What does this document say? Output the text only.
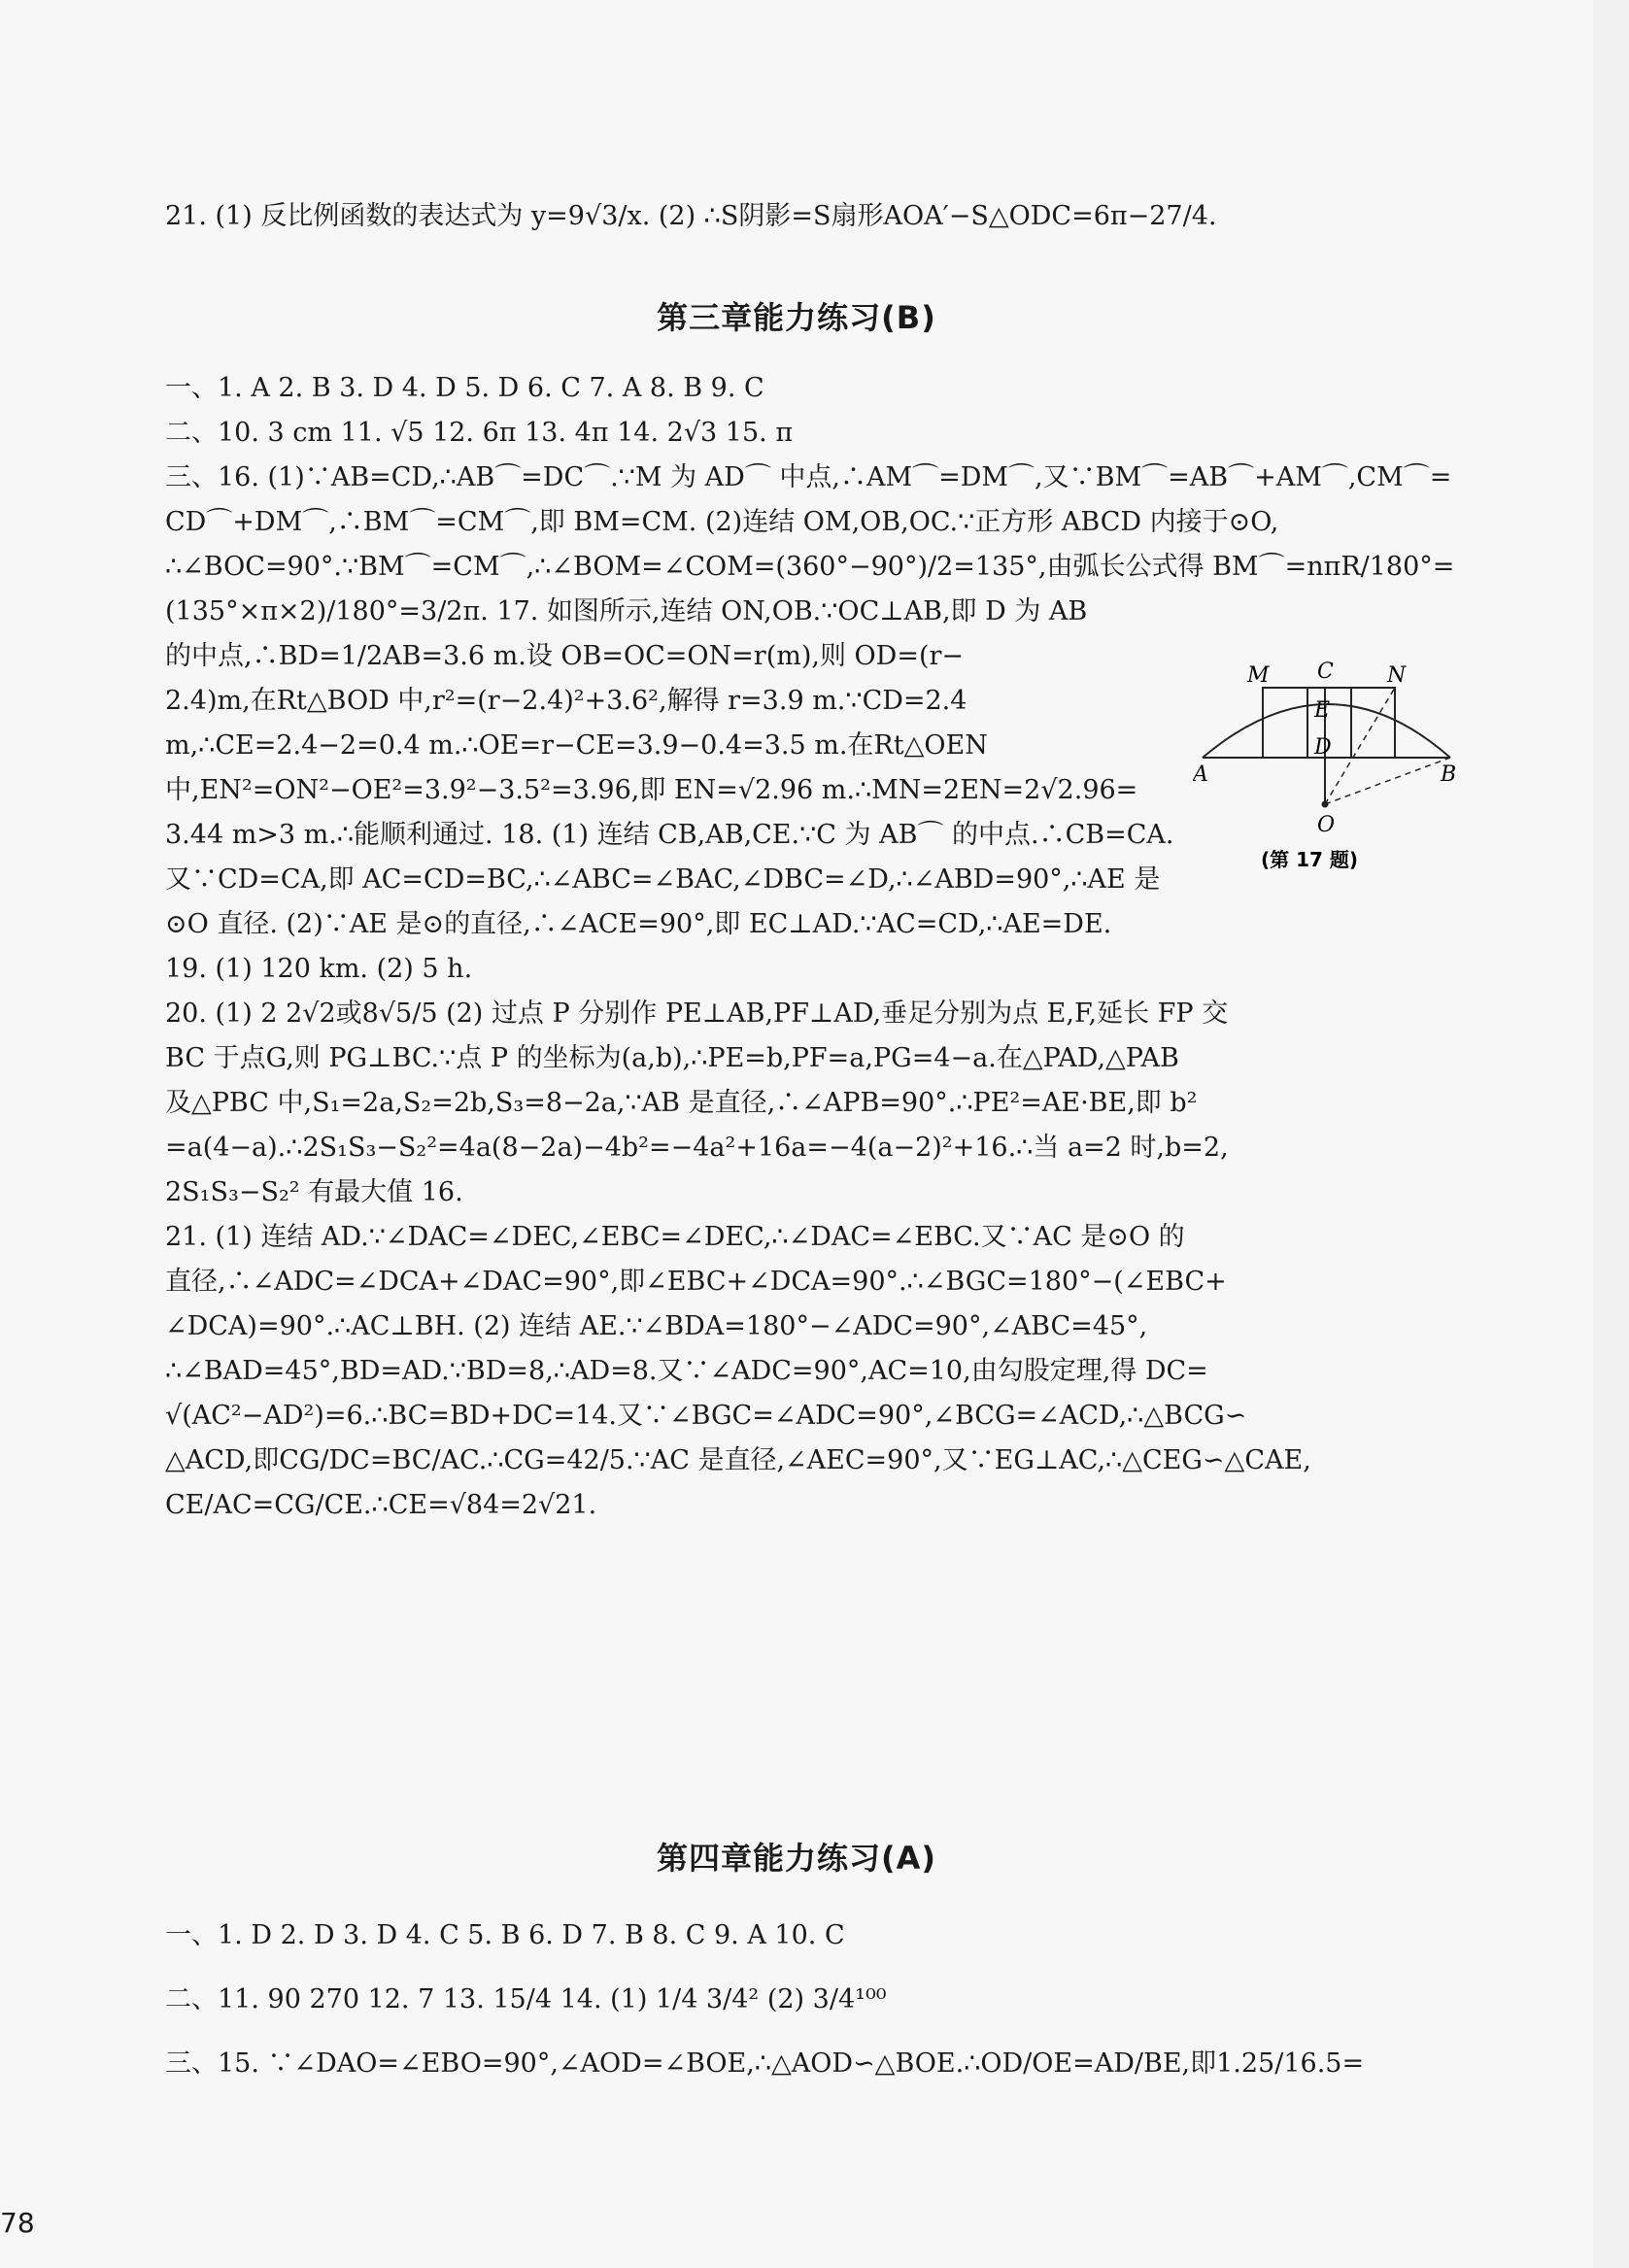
21. (1) 反比例函数的表达式为 y=9√3/x. (2) ∴S阴影=S扇形AOA′−S△ODC=6π−27/4.
第三章能力练习(B)
一、1. A 2. B 3. D 4. D 5. D 6. C 7. A 8. B 9. C
二、10. 3 cm 11. √5 12. 6π 13. 4π 14. 2√3 15. π
三、16. (1)∵AB=CD,∴AB⌒=DC⌒.∵M 为 AD⌒ 中点,∴AM⌒=DM⌒,又∵BM⌒=AB⌒+AM⌒,CM⌒=
CD⌒+DM⌒,∴BM⌒=CM⌒,即 BM=CM. (2)连结 OM,OB,OC.∵正方形 ABCD 内接于⊙O,
∴∠BOC=90°.∵BM⌒=CM⌒,∴∠BOM=∠COM=(360°−90°)/2=135°,由弧长公式得 BM⌒=nπR/180°=
(135°×π×2)/180°=3/2π. 17. 如图所示,连结 ON,OB.∵OC⊥AB,即 D 为 AB
的中点,∴BD=1/2AB=3.6 m.设 OB=OC=ON=r(m),则 OD=(r−
2.4)m,在Rt△BOD 中,r²=(r−2.4)²+3.6²,解得 r=3.9 m.∵CD=2.4
m,∴CE=2.4−2=0.4 m.∴OE=r−CE=3.9−0.4=3.5 m.在Rt△OEN
中,EN²=ON²−OE²=3.9²−3.5²=3.96,即 EN=√2.96 m.∴MN=2EN=2√2.96=
3.44 m>3 m.∴能顺利通过. 18. (1) 连结 CB,AB,CE.∵C 为 AB⌒ 的中点.∴CB=CA.
又∵CD=CA,即 AC=CD=BC,∴∠ABC=∠BAC,∠DBC=∠D,∴∠ABD=90°,∴AE 是
⊙O 直径. (2)∵AE 是⊙的直径,∴∠ACE=90°,即 EC⊥AD.∵AC=CD,∴AE=DE.
19. (1) 120 km. (2) 5 h.
20. (1) 2 2√2或8√5/5 (2) 过点 P 分别作 PE⊥AB,PF⊥AD,垂足分别为点 E,F,延长 FP 交
BC 于点G,则 PG⊥BC.∵点 P 的坐标为(a,b),∴PE=b,PF=a,PG=4−a.在△PAD,△PAB
及△PBC 中,S₁=2a,S₂=2b,S₃=8−2a,∵AB 是直径,∴∠APB=90°.∴PE²=AE·BE,即 b²
=a(4−a).∴2S₁S₃−S₂²=4a(8−2a)−4b²=−4a²+16a=−4(a−2)²+16.∴当 a=2 时,b=2,
2S₁S₃−S₂² 有最大值 16.
21. (1) 连结 AD.∵∠DAC=∠DEC,∠EBC=∠DEC,∴∠DAC=∠EBC.又∵AC 是⊙O 的
直径,∴∠ADC=∠DCA+∠DAC=90°,即∠EBC+∠DCA=90°.∴∠BGC=180°−(∠EBC+
∠DCA)=90°.∴AC⊥BH. (2) 连结 AE.∵∠BDA=180°−∠ADC=90°,∠ABC=45°,
∴∠BAD=45°,BD=AD.∵BD=8,∴AD=8.又∵∠ADC=90°,AC=10,由勾股定理,得 DC=
√(AC²−AD²)=6.∴BC=BD+DC=14.又∵∠BGC=∠ADC=90°,∠BCG=∠ACD,∴△BCG∽
△ACD,即CG/DC=BC/AC.∴CG=42/5.∵AC 是直径,∠AEC=90°,又∵EG⊥AC,∴△CEG∽△CAE,
CE/AC=CG/CE.∴CE=√84=2√21.
M C	N
E
D
A	B
O
(第 17 题)
第四章能力练习(A)
一、1. D 2. D 3. D 4. C 5. B 6. D 7. B 8. C 9. A 10. C
二、11. 90 270 12. 7 13. 15/4 14. (1) 1/4 3/4² (2) 3/4¹⁰⁰
三、15. ∵∠DAO=∠EBO=90°,∠AOD=∠BOE,∴△AOD∽△BOE.∴OD/OE=AD/BE,即1.25/16.5=
78
